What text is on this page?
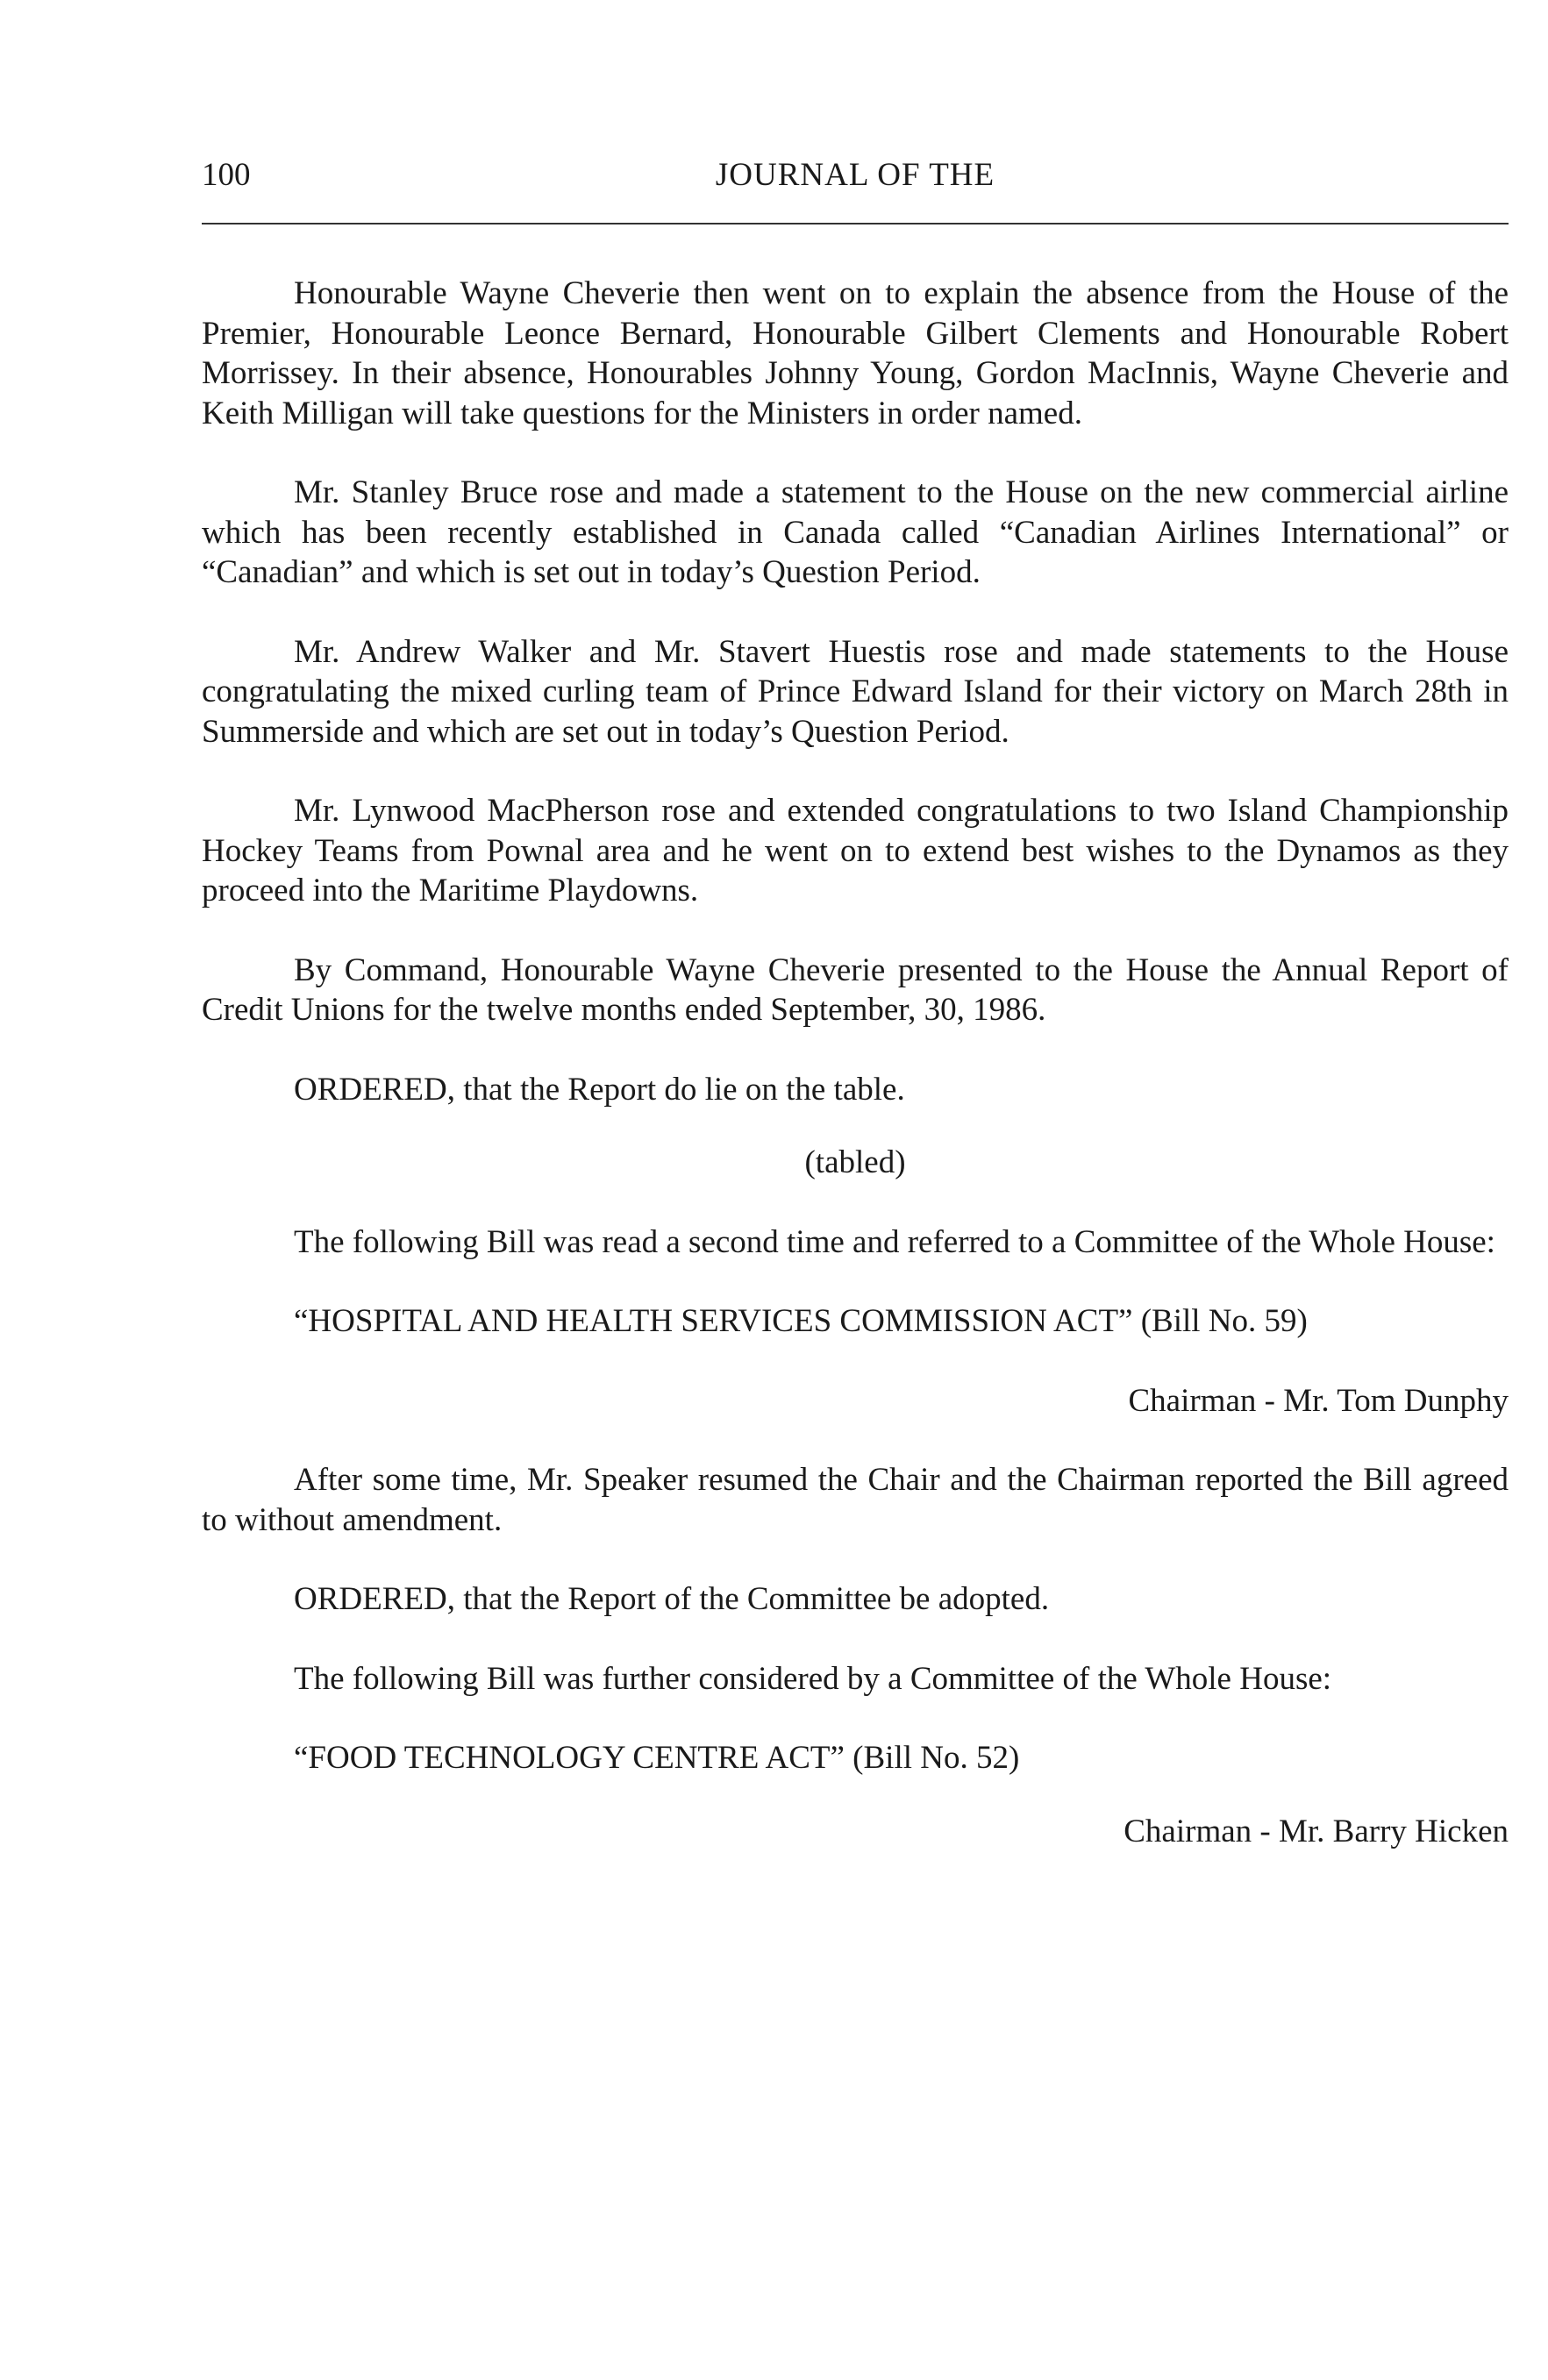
100	JOURNAL OF THE

Honourable Wayne Cheverie then went on to explain the absence from the House of the Premier, Honourable Leonce Bernard, Honourable Gilbert Clements and Honourable Robert Morrissey. In their absence, Honourables Johnny Young, Gordon MacInnis, Wayne Cheverie and Keith Milligan will take questions for the Ministers in order named.

Mr. Stanley Bruce rose and made a statement to the House on the new commercial airline which has been recently established in Canada called “Canadian Airlines International” or “Canadian” and which is set out in today’s Question Period.

Mr. Andrew Walker and Mr. Stavert Huestis rose and made statements to the House congratulating the mixed curling team of Prince Edward Island for their victory on March 28th in Summerside and which are set out in today’s Question Period.

Mr. Lynwood MacPherson rose and extended congratulations to two Island Championship Hockey Teams from Pownal area and he went on to extend best wishes to the Dynamos as they proceed into the Maritime Playdowns.

By Command, Honourable Wayne Cheverie presented to the House the Annual Report of Credit Unions for the twelve months ended September, 30, 1986.

ORDERED, that the Report do lie on the table.

(tabled)

The following Bill was read a second time and referred to a Committee of the Whole House:

“HOSPITAL AND HEALTH SERVICES COMMISSION ACT” (Bill No. 59)

Chairman - Mr. Tom Dunphy

After some time, Mr. Speaker resumed the Chair and the Chairman reported the Bill agreed to without amendment.

ORDERED, that the Report of the Committee be adopted.

The following Bill was further considered by a Committee of the Whole House:

“FOOD TECHNOLOGY CENTRE ACT” (Bill No. 52)

Chairman - Mr. Barry Hicken
